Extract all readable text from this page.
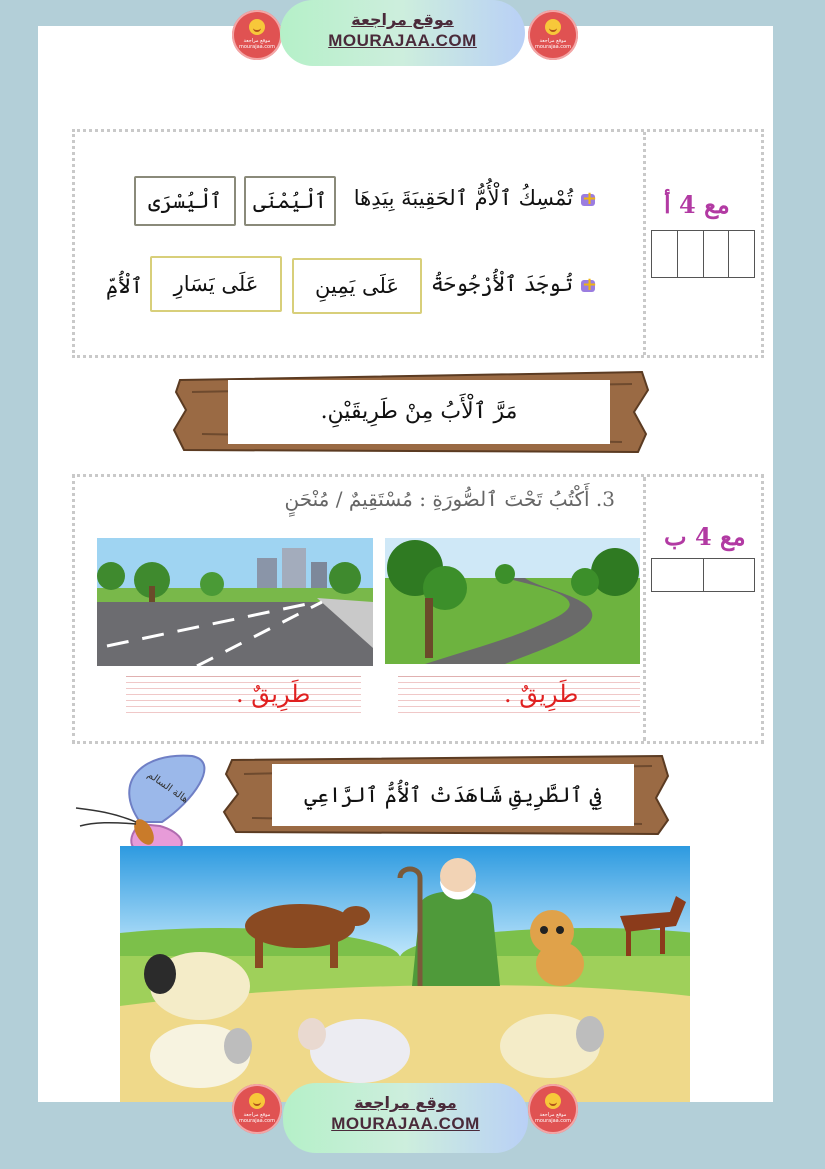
موقع مراجعة
mourajaa.com
موقع مراجعة
MOURAJAA.COM	موقع مراجعة
mourajaa.com
مع 4 أ
+تُمْسِكُ ٱلْأُمُّ ٱلحَقِيبَةَ بِيَدِهَا
ٱلْيُمْنَى
ٱلْيُسْرَى
+تُوجَدَ ٱلْأُرْجُوحَةُ
عَلَى يَمِينِ
عَلَى يَسَارِ
ٱلْأُمِّ
مَرَّ ٱلْأَبُ مِنْ طَرِيقَيْنِ.
مع 4 ب
3. أَكْتُبُ تَحْتَ ٱلصُّورَةِ : مُسْتَقِيمٌ / مُنْحَنٍ
طَرِيقٌ .	طَرِيقٌ .
هالة السالم	فِي ٱلطَّرِيقِ شَاهَدَتْ ٱلْأُمُّ ٱلرَّاعِي
موقع مراجعة
mourajaa.com
موقع مراجعة
MOURAJAA.COM	موقع مراجعة
mourajaa.com
